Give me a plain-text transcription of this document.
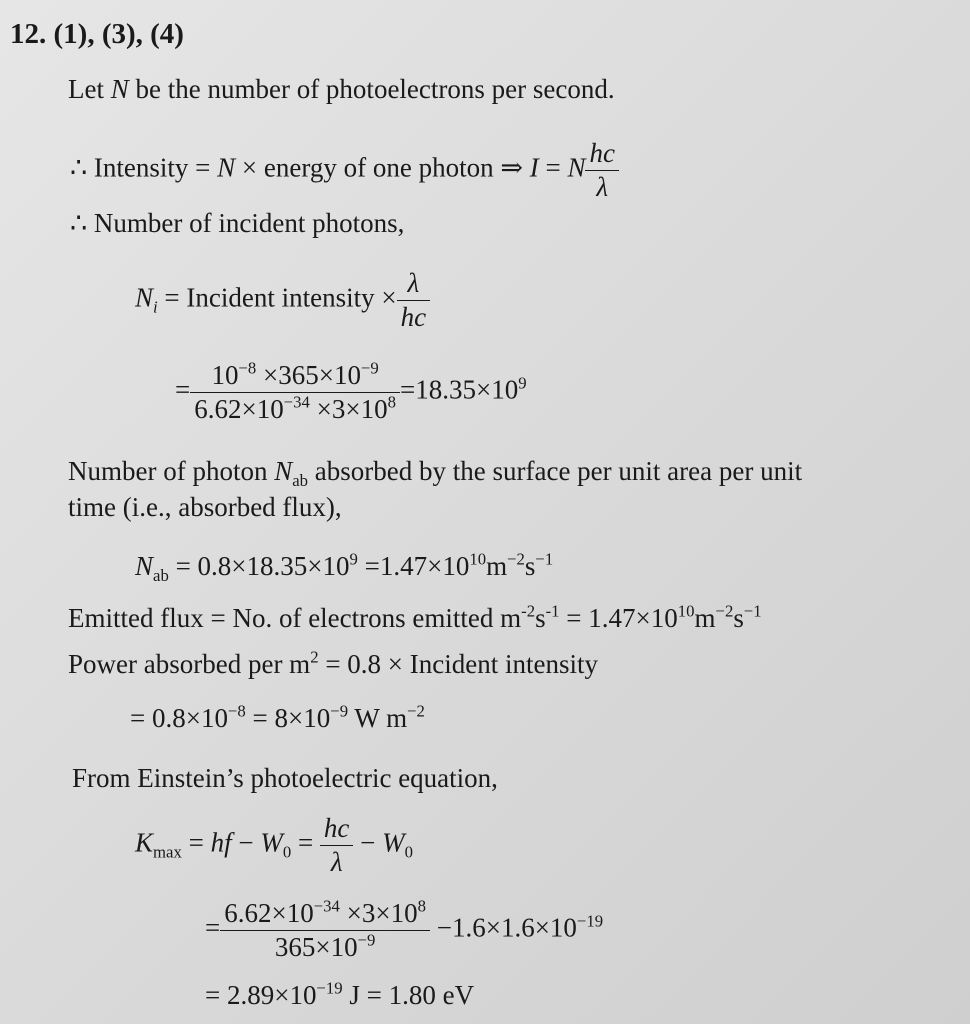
12. (1), (3), (4)
Let N be the number of photoelectrons per second.
∴ Intensity = N × energy of one photon ⇒ I = N $\frac{hc}{\lambda}$
∴ Number of incident photons,
$N_i$ = Incident intensity × $\frac{\lambda}{hc}$
= $\frac{10^{-8} \times 365\times 10^{-9}}{6.62\times 10^{-34} \times 3\times 10^8} =18.35\times 10^9$
Number of photon $N_{ab}$ absorbed by the surface per unit area per unit
time (i.e., absorbed flux),
$N_{ab} = 0.8\times 18.35\times 10^9 =1.47\times 10^{10}m^{-2}s^{-1}$
Emitted flux = No. of electrons emitted $m^{-2}s^{-1} = 1.47\times 10^{10}m^{-2}s^{-1}$
Power absorbed per $m^2 = 0.8$ × Incident intensity
= $0.8\times 10^{-8} = 8\times 10^{-9}$ W $m^{-2}$
From Einstein’s photoelectric equation,
$K_{max}$ = hf − $W_0 = \frac{hc}{\lambda} - W_0$
= $\frac{6.62\times 10^{-34} \times 3\times 10^8}{365\times 10^{-9}} -1.6\times 1.6\times 10^{-19}$
= $2.89\times 10^{-19}$ J = 1.80 eV
